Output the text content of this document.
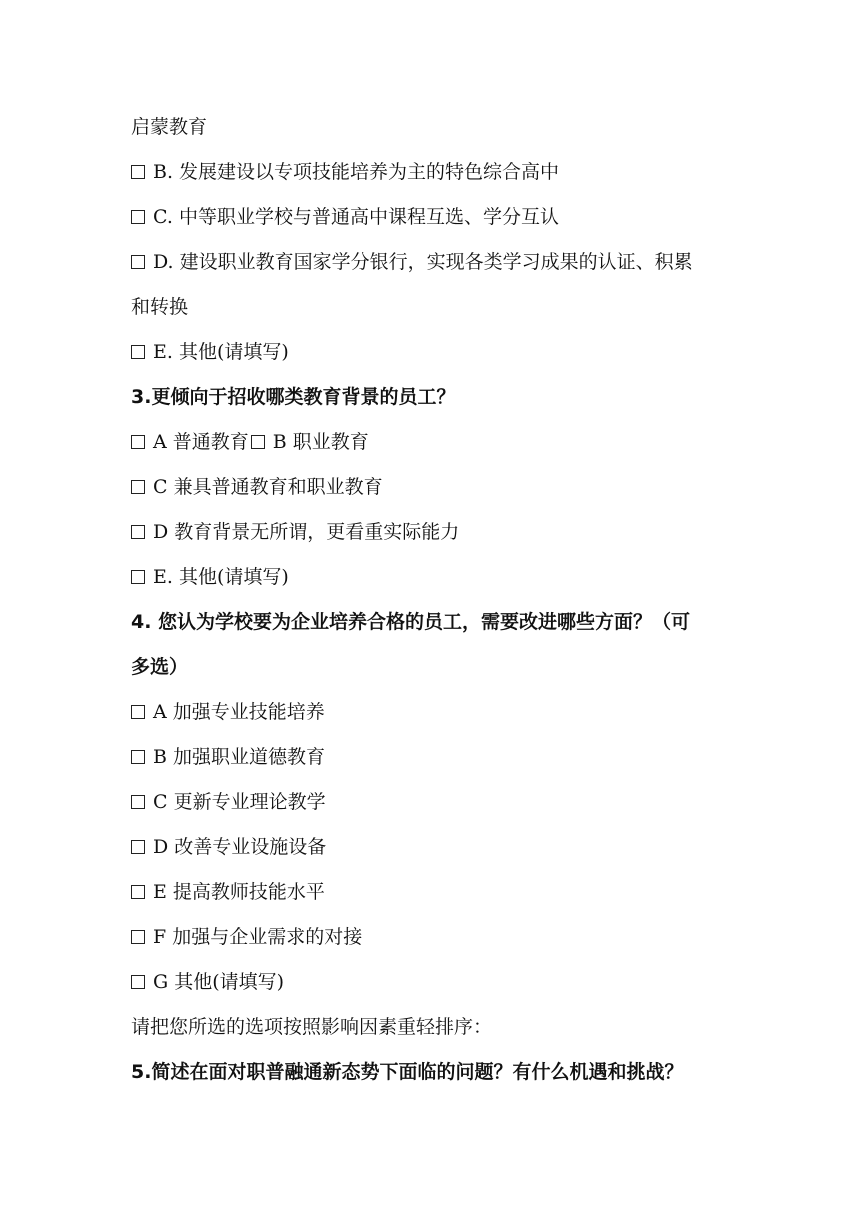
启蒙教育
B. 发展建设以专项技能培养为主的特色综合高中
C. 中等职业学校与普通高中课程互选、学分互认
D. 建设职业教育国家学分银行，实现各类学习成果的认证、积累
和转换
E. 其他(请填写)
3.更倾向于招收哪类教育背景的员工？
A 普通教育 B 职业教育
C 兼具普通教育和职业教育
D 教育背景无所谓，更看重实际能力
E. 其他(请填写)
4. 您认为学校要为企业培养合格的员工，需要改进哪些方面？（可
多选）
A 加强专业技能培养
B 加强职业道德教育
C 更新专业理论教学
D 改善专业设施设备
E 提高教师技能水平
F 加强与企业需求的对接
G 其他(请填写)
请把您所选的选项按照影响因素重轻排序：
5.简述在面对职普融通新态势下面临的问题？有什么机遇和挑战？
